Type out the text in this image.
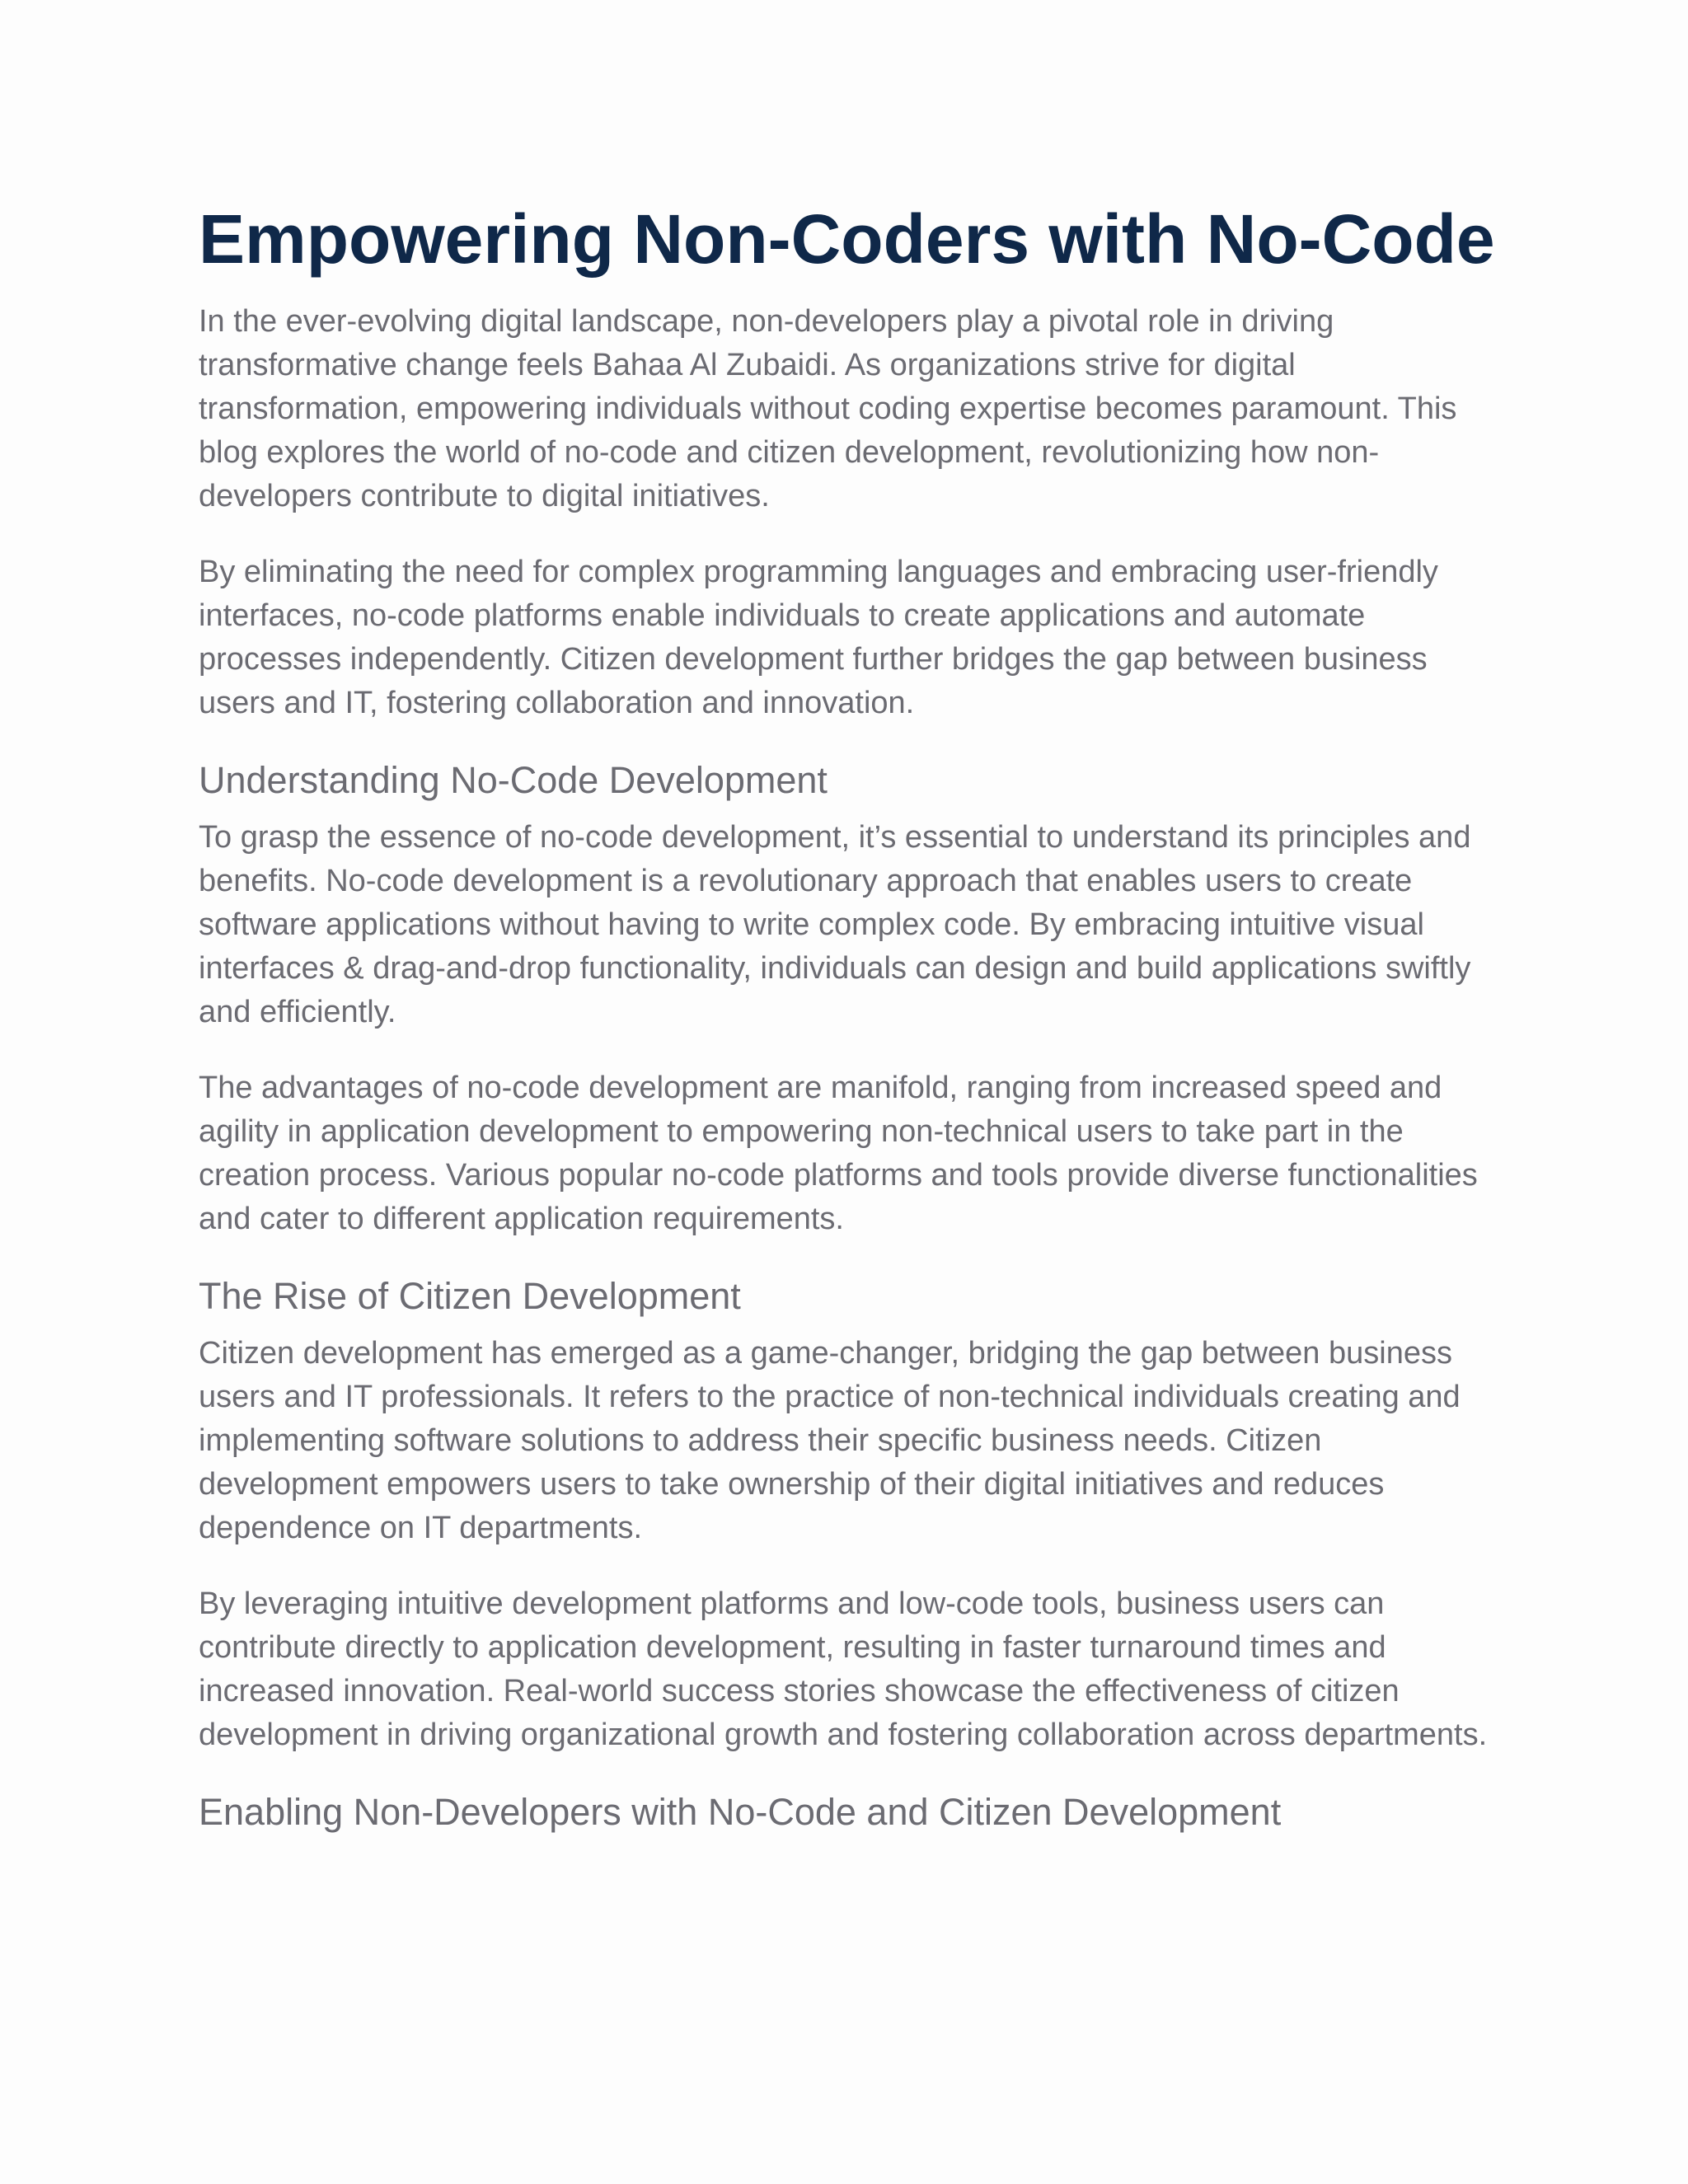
Empowering Non-Coders with No-Code

In the ever-evolving digital landscape, non-developers play a pivotal role in driving transformative change feels Bahaa Al Zubaidi. As organizations strive for digital transformation, empowering individuals without coding expertise becomes paramount. This blog explores the world of no-code and citizen development, revolutionizing how non-developers contribute to digital initiatives.

By eliminating the need for complex programming languages and embracing user-friendly interfaces, no-code platforms enable individuals to create applications and automate processes independently. Citizen development further bridges the gap between business users and IT, fostering collaboration and innovation.

Understanding No-Code Development

To grasp the essence of no-code development, it’s essential to understand its principles and benefits. No-code development is a revolutionary approach that enables users to create software applications without having to write complex code. By embracing intuitive visual interfaces & drag-and-drop functionality, individuals can design and build applications swiftly and efficiently.

The advantages of no-code development are manifold, ranging from increased speed and agility in application development to empowering non-technical users to take part in the creation process. Various popular no-code platforms and tools provide diverse functionalities and cater to different application requirements.

The Rise of Citizen Development

Citizen development has emerged as a game-changer, bridging the gap between business users and IT professionals. It refers to the practice of non-technical individuals creating and implementing software solutions to address their specific business needs. Citizen development empowers users to take ownership of their digital initiatives and reduces dependence on IT departments.

By leveraging intuitive development platforms and low-code tools, business users can contribute directly to application development, resulting in faster turnaround times and increased innovation. Real-world success stories showcase the effectiveness of citizen development in driving organizational growth and fostering collaboration across departments.

Enabling Non-Developers with No-Code and Citizen Development
